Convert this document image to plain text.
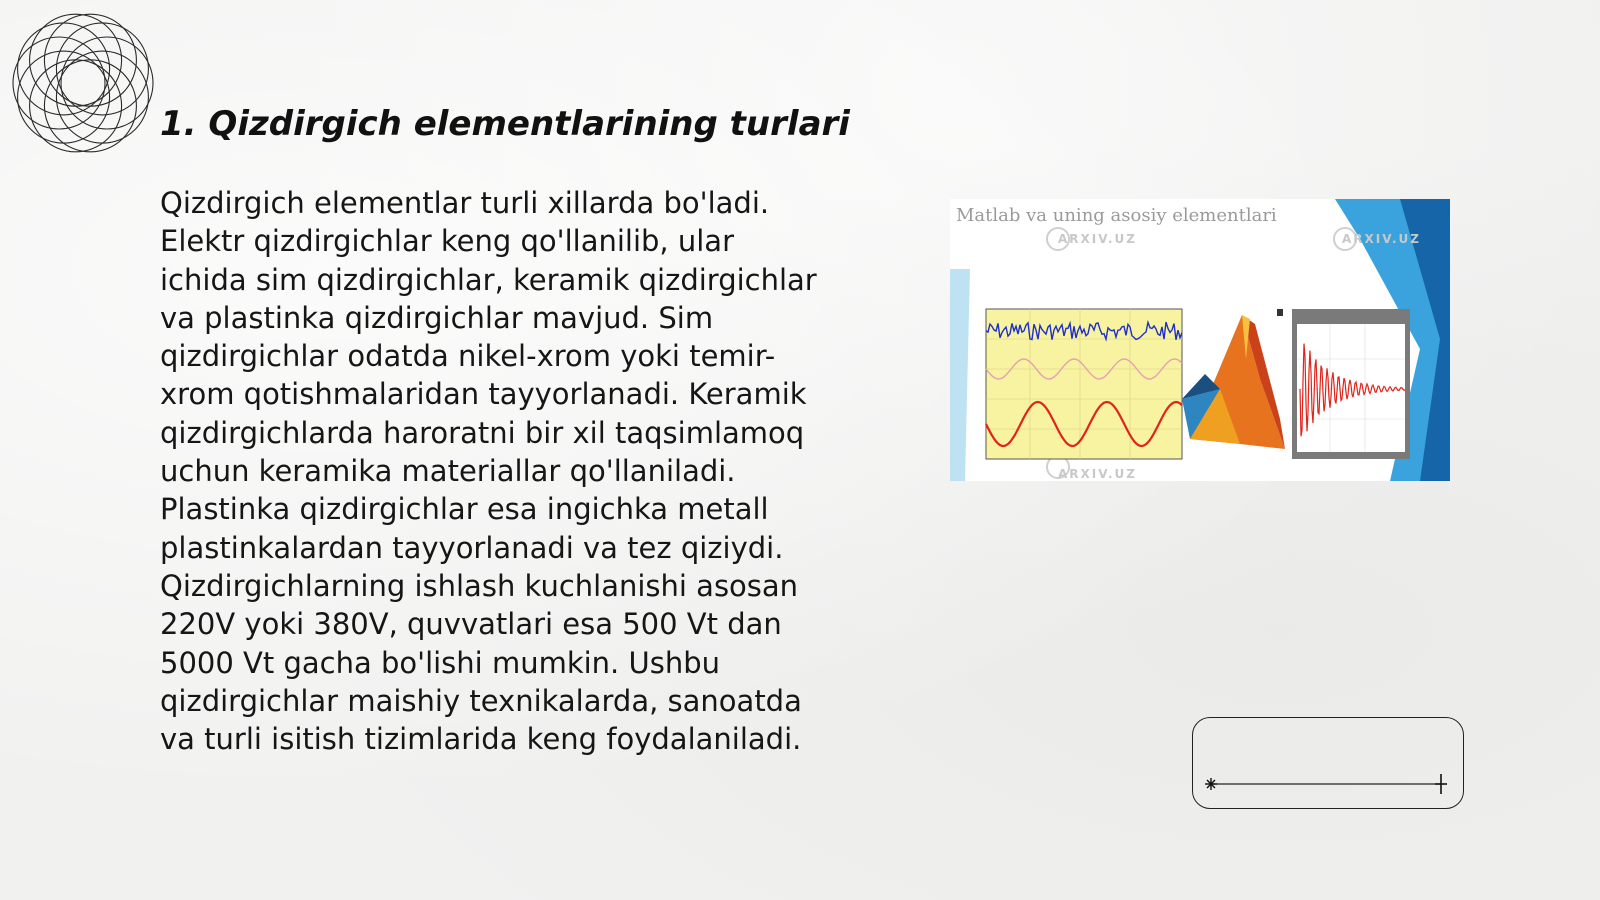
1. Qizdirgich elementlarining turlari
Qizdirgich elementlar turli xillarda bo'ladi.
Elektr qizdirgichlar keng qo'llanilib, ular
ichida sim qizdirgichlar, keramik qizdirgichlar
va plastinka qizdirgichlar mavjud. Sim
qizdirgichlar odatda nikel-xrom yoki temir-
xrom qotishmalaridan tayyorlanadi. Keramik
qizdirgichlarda haroratni bir xil taqsimlamoq
uchun keramika materiallar qo'llaniladi.
Plastinka qizdirgichlar esa ingichka metall
plastinkalardan tayyorlanadi va tez qiziydi.
Qizdirgichlarning ishlash kuchlanishi asosan
220V yoki 380V, quvvatlari esa 500 Vt dan
5000 Vt gacha bo'lishi mumkin. Ushbu
qizdirgichlar maishiy texnikalarda, sanoatda
va turli isitish tizimlarida keng foydalaniladi.
ARXIV.UZ	ARXIV.UZ
ARXIV.UZ
Matlab va uning asosiy elementlari
